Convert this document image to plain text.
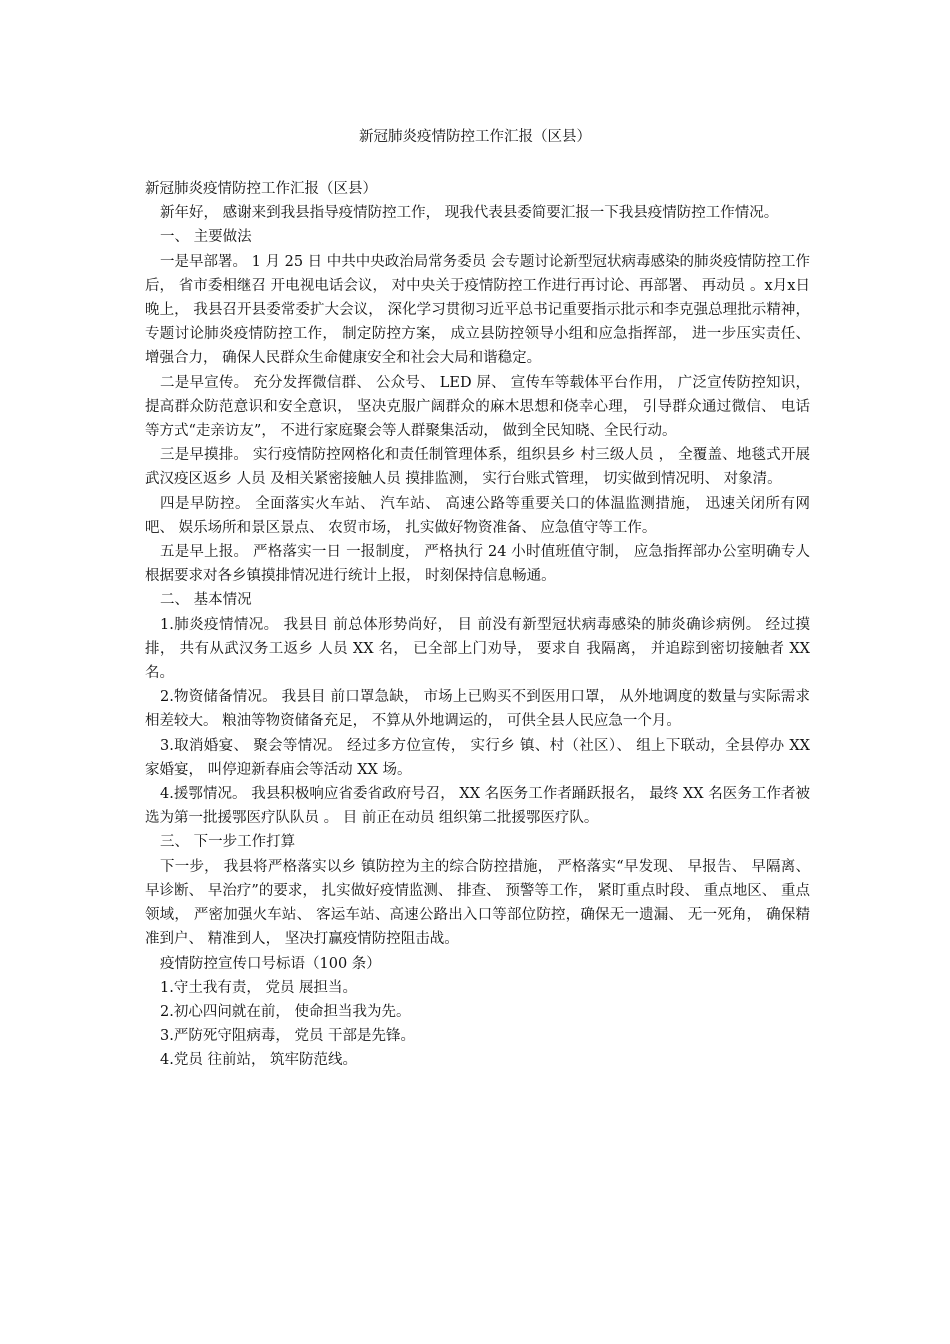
新冠肺炎疫情防控工作汇报（区县）

新冠肺炎疫情防控工作汇报（区县）

新年好， 感谢来到我县指导疫情防控工作， 现我代表县委简要汇报一下我县疫情防控工作情况。

一、 主要做法

一是早部署。 1 月 25 日 中共中央政治局常务委员 会专题讨论新型冠状病毒感染的肺炎疫情防控工作后， 省市委相继召 开电视电话会议， 对中央关于疫情防控工作进行再讨论、再部署、 再动员 。x月x日 晚上， 我县召开县委常委扩大会议， 深化学习贯彻习近平总书记重要指示批示和李克强总理批示精神， 专题讨论肺炎疫情防控工作， 制定防控方案， 成立县防控领导小组和应急指挥部， 进一步压实责任、 增强合力， 确保人民群众生命健康安全和社会大局和谐稳定。

二是早宣传。 充分发挥微信群、 公众号、 LED 屏、 宣传车等载体平台作用， 广泛宣传防控知识， 提高群众防范意识和安全意识， 坚决克服广阔群众的麻木思想和侥幸心理， 引导群众通过微信、 电话等方式“走亲访友”， 不进行家庭聚会等人群聚集活动， 做到全民知晓、全民行动。

三是早摸排。 实行疫情防控网格化和责任制管理体系，组织县乡 村三级人员 ， 全覆盖、地毯式开展武汉疫区返乡 人员 及相关紧密接触人员 摸排监测， 实行台账式管理， 切实做到情况明、 对象清。

四是早防控。 全面落实火车站、 汽车站、 高速公路等重要关口的体温监测措施， 迅速关闭所有网吧、 娱乐场所和景区景点、 农贸市场， 扎实做好物资准备、 应急值守等工作。

五是早上报。 严格落实一日 一报制度， 严格执行 24 小时值班值守制， 应急指挥部办公室明确专人根据要求对各乡镇摸排情况进行统计上报， 时刻保持信息畅通。

二、 基本情况

1.肺炎疫情情况。 我县目 前总体形势尚好， 目 前没有新型冠状病毒感染的肺炎确诊病例。 经过摸排， 共有从武汉务工返乡 人员 XX 名， 已全部上门劝导， 要求自 我隔离， 并追踪到密切接触者 XX 名。

2.物资储备情况。 我县目 前口罩急缺， 市场上已购买不到医用口罩， 从外地调度的数量与实际需求相差较大。 粮油等物资储备充足， 不算从外地调运的， 可供全县人民应急一个月。

3.取消婚宴、 聚会等情况。 经过多方位宣传， 实行乡 镇、村（社区）、 组上下联动，全县停办 XX 家婚宴， 叫停迎新春庙会等活动 XX 场。

4.援鄂情况。 我县积极响应省委省政府号召， XX 名医务工作者踊跃报名， 最终 XX 名医务工作者被选为第一批援鄂医疗队队员 。 目 前正在动员 组织第二批援鄂医疗队。

三、 下一步工作打算

下一步， 我县将严格落实以乡 镇防控为主的综合防控措施， 严格落实“早发现、 早报告、 早隔离、 早诊断、 早治疗”的要求， 扎实做好疫情监测、 排查、 预警等工作， 紧盯重点时段、 重点地区、 重点领域， 严密加强火车站、 客运车站、高速公路出入口等部位防控，确保无一遗漏、 无一死角， 确保精准到户、 精准到人， 坚决打赢疫情防控阻击战。

疫情防控宣传口号标语（100 条）

1.守土我有责， 党员 展担当。

2.初心四问就在前， 使命担当我为先。

3.严防死守阻病毒， 党员 干部是先锋。

4.党员 往前站， 筑牢防范线。
